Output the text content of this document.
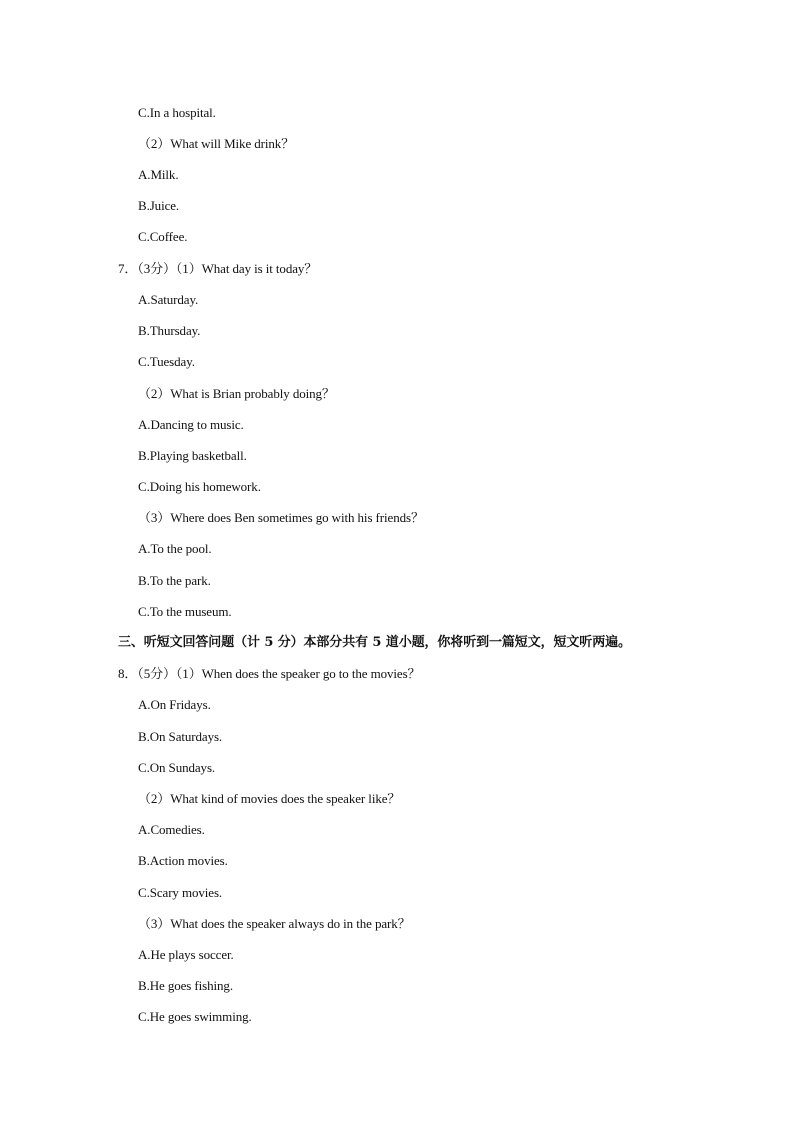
C.In a hospital.
（2）What will Mike drink？
A.Milk.
B.Juice.
C.Coffee.
7．（3分）（1）What day is it today？
A.Saturday.
B.Thursday.
C.Tuesday.
（2）What is Brian probably doing？
A.Dancing to music.
B.Playing basketball.
C.Doing his homework.
（3）Where does Ben sometimes go with his friends？
A.To the pool.
B.To the park.
C.To the museum.
三、听短文回答问题（计 5 分）本部分共有 5 道小题，你将听到一篇短文，短文听两遍。
8．（5分）（1）When does the speaker go to the movies？
A.On Fridays.
B.On Saturdays.
C.On Sundays.
（2）What kind of movies does the speaker like？
A.Comedies.
B.Action movies.
C.Scary movies.
（3）What does the speaker always do in the park？
A.He plays soccer.
B.He goes fishing.
C.He goes swimming.
